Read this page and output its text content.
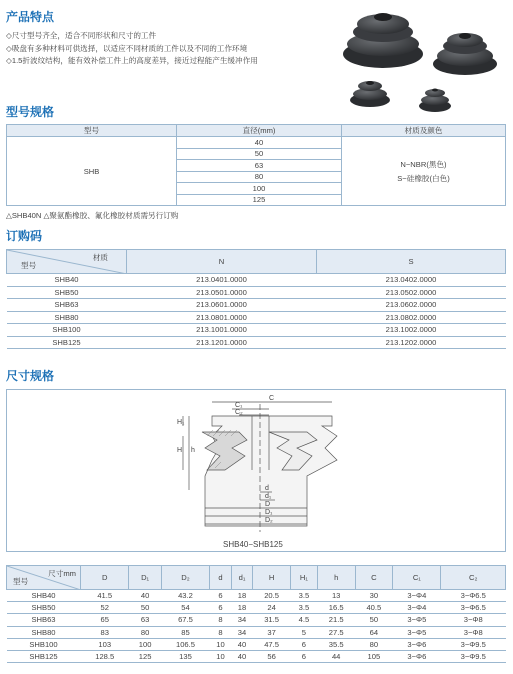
产品特点
◇尺寸型号齐全，适合不同形状和尺寸的工件
◇吸盘有多种材料可供选择，以适应不同材质的工件以及不同的工作环境
◇1.5折波纹结构，能有效补偿工件上的高度差异，接近过程能产生缓冲作用
型号规格
型号	直径(mm)	材质及颜色
SHB	40	N−NBR(黑色)
S−硅橡胶(白色)

	50	
	63	
	80	
	100	
	125	
△SHB40N △聚氨酯橡胶、氟化橡胶材质需另行订购
订购码
材质
型号	N	S
SHB40	213.0401.0000	213.0402.0000
SHB50	213.0501.0000	213.0502.0000
SHB63	213.0601.0000	213.0602.0000
SHB80	213.0801.0000	213.0802.0000
SHB100	213.1001.0000	213.1002.0000
SHB125	213.1201.0000	213.1202.0000
尺寸规格
C
C₁
C₂
H₁
H h
d
d₁
D
D₁
D₂
SHB40−SHB125
尺寸mm
型号	D	D₁	D₂	d	d₁	H	H₁	h	C	C₁	C₂
SHB40	41.5	40	43.2	6	18	20.5	3.5	13	30	3−Φ4	3−Φ6.5
SHB50	52	50	54	6	18	24	3.5	16.5	40.5	3−Φ4	3−Φ6.5
SHB63	65	63	67.5	8	34	31.5	4.5	21.5	50	3−Φ5	3−Φ8
SHB80	83	80	85	8	34	37	5	27.5	64	3−Φ5	3−Φ8
SHB100	103	100	106.5	10	40	47.5	6	35.5	80	3−Φ6	3−Φ9.5
SHB125	128.5	125	135	10	40	56	6	44	105	3−Φ6	3−Φ9.5
